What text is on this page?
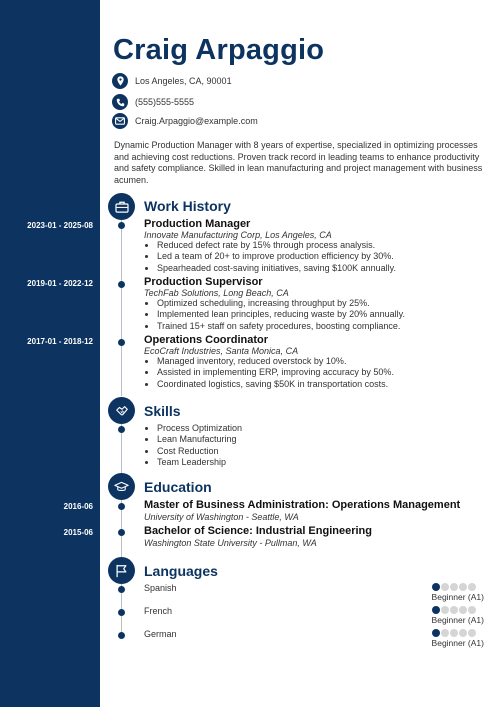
Craig Arpaggio
Los Angeles, CA, 90001
(555)555-5555
Craig.Arpaggio@example.com
Dynamic Production Manager with 8 years of expertise, specialized in optimizing processes and achieving cost reductions. Proven track record in leading teams to enhance productivity and safety compliance. Skilled in lean manufacturing and project management with business acumen.
Work History
2023-01 - 2025-08	Production Manager
Innovate Manufacturing Corp, Los Angeles, CA
• Reduced defect rate by 15% through process analysis.
• Led a team of 20+ to improve production efficiency by 30%.
• Spearheaded cost-saving initiatives, saving $100K annually.
2019-01 - 2022-12	Production Supervisor
TechFab Solutions, Long Beach, CA
• Optimized scheduling, increasing throughput by 25%.
• Implemented lean principles, reducing waste by 20% annually.
• Trained 15+ staff on safety procedures, boosting compliance.
2017-01 - 2018-12	Operations Coordinator
EcoCraft Industries, Santa Monica, CA
• Managed inventory, reduced overstock by 10%.
• Assisted in implementing ERP, improving accuracy by 50%.
• Coordinated logistics, saving $50K in transportation costs.
Skills
• Process Optimization
• Lean Manufacturing
• Cost Reduction
• Team Leadership
Education
2016-06	Master of Business Administration: Operations Management
University of Washington - Seattle, WA
2015-06	Bachelor of Science: Industrial Engineering
Washington State University - Pullman, WA
Languages
Spanish
Beginner (A1)
French
Beginner (A1)
German
Beginner (A1)
